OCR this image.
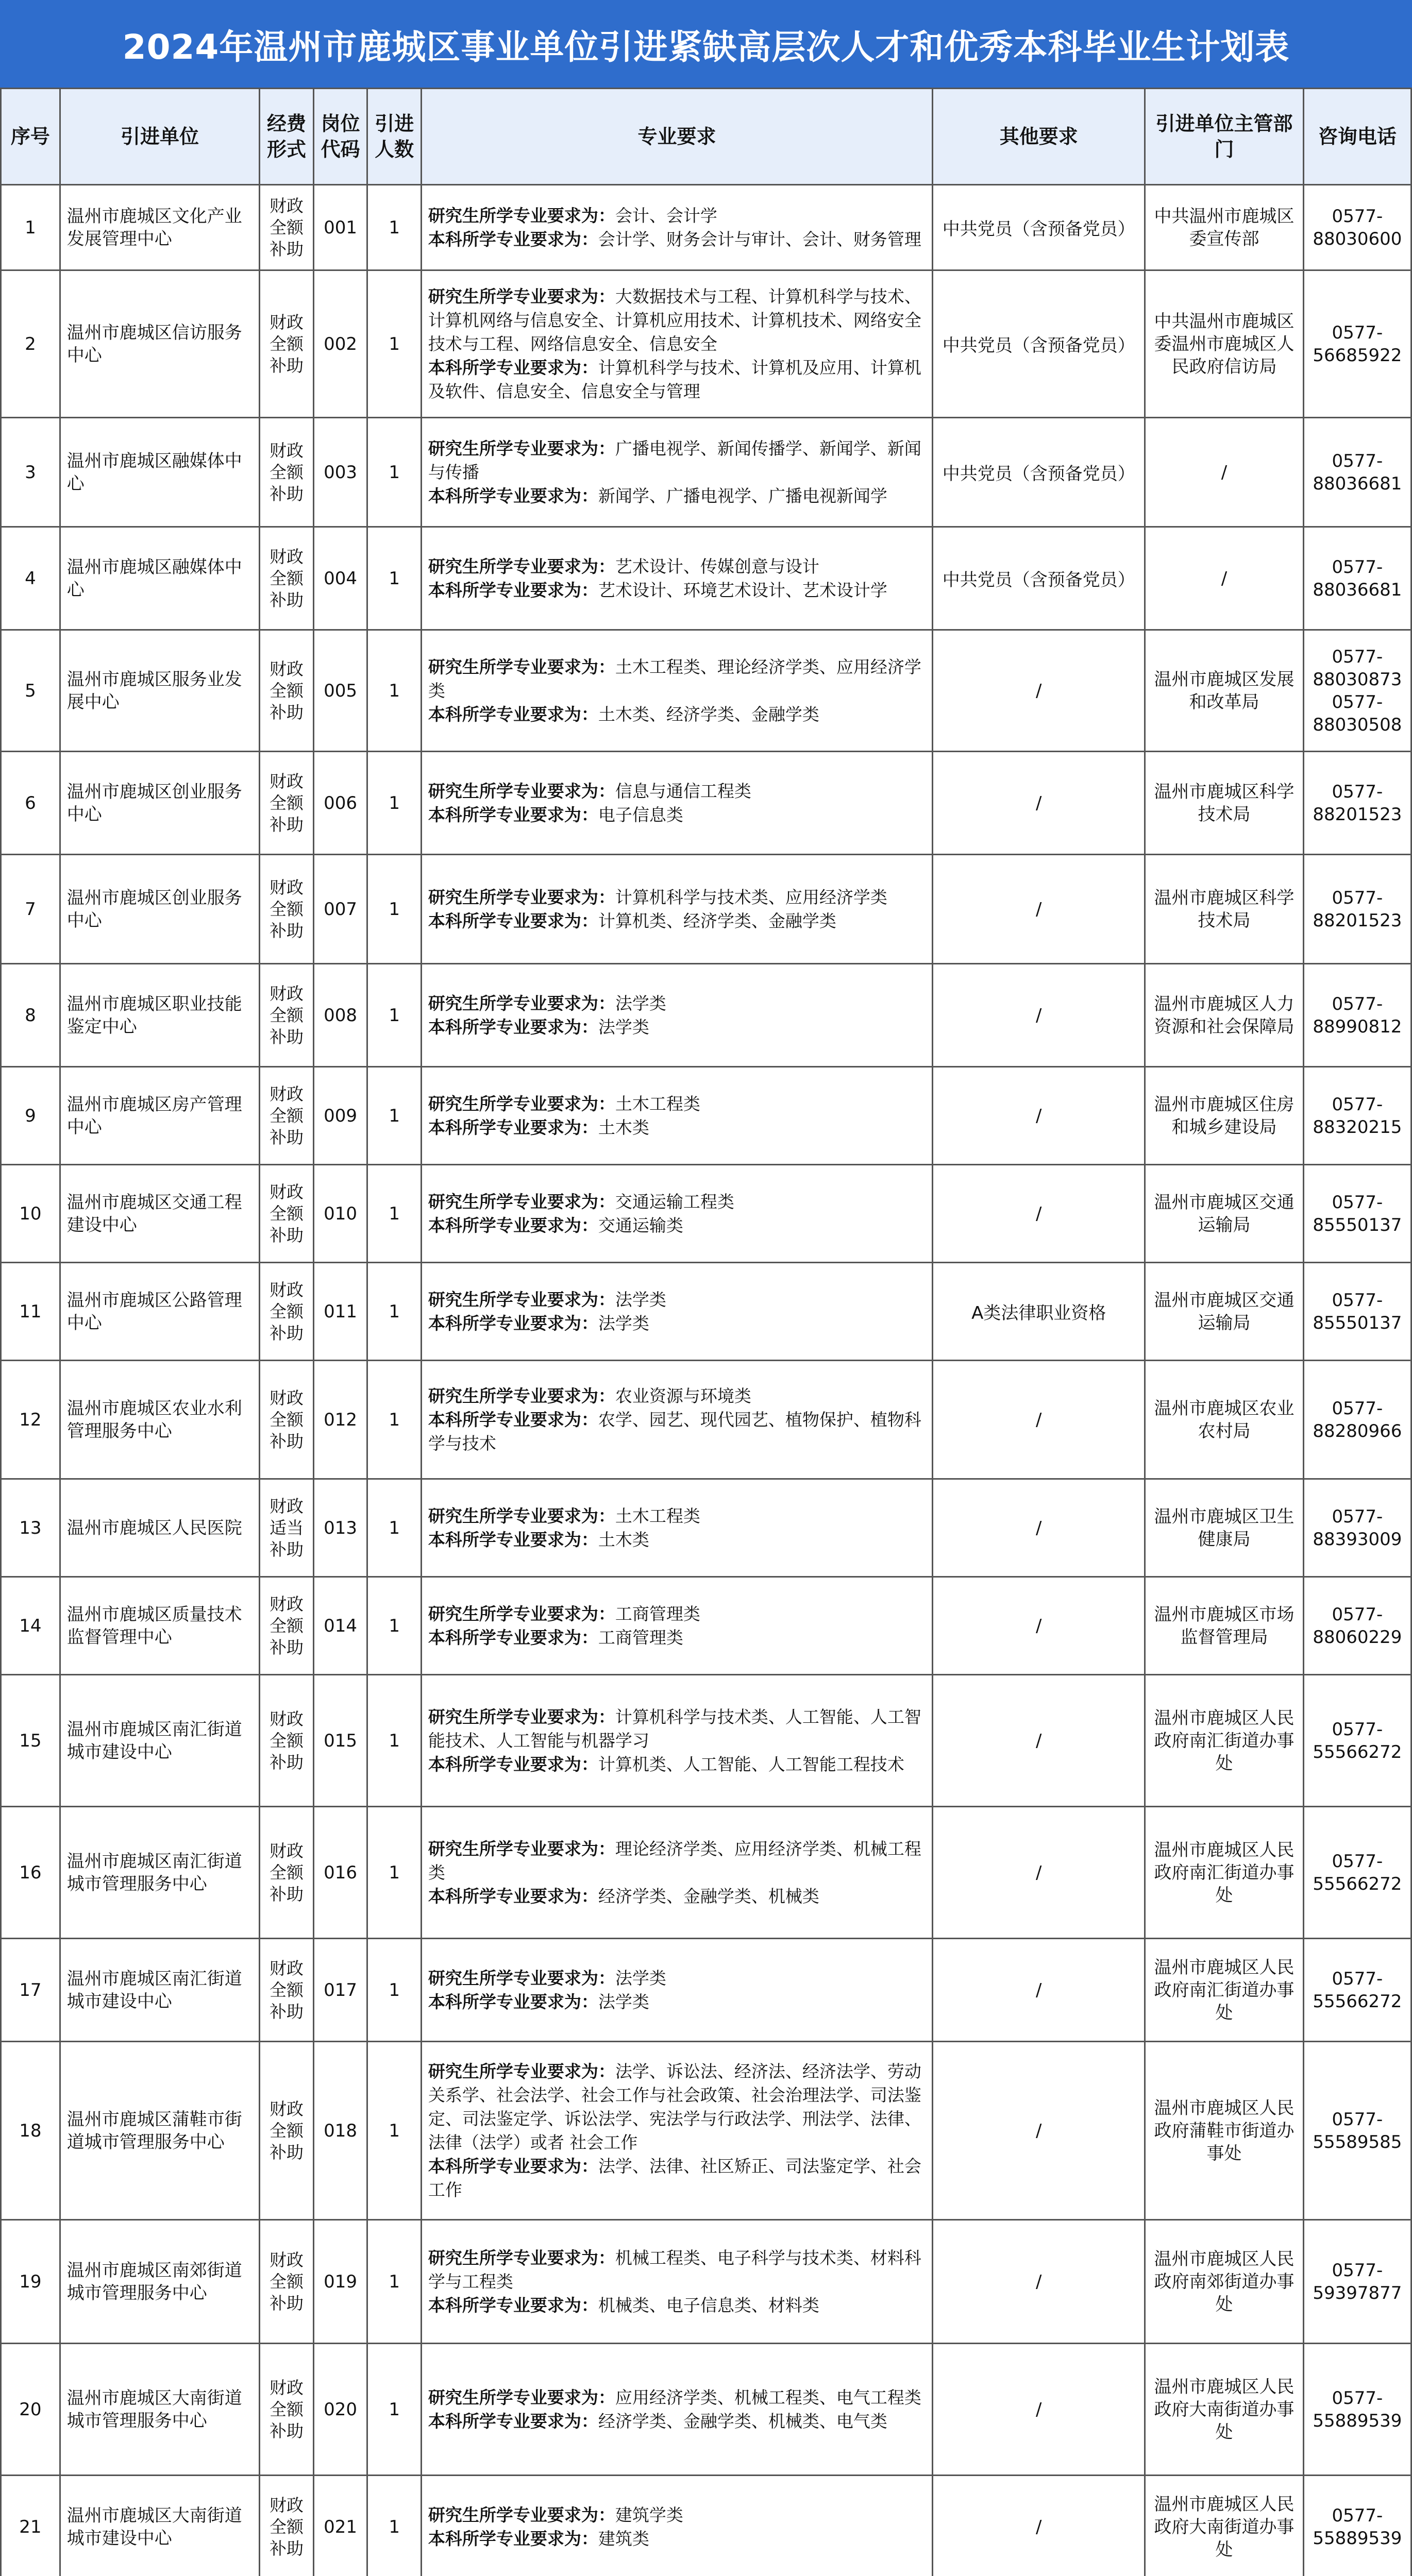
2024年温州市鹿城区事业单位引进紧缺高层次人才和优秀本科毕业生计划表
序号	引进单位	经费形式	岗位代码	引进人数	专业要求	其他要求	引进单位主管部门	咨询电话
1	温州市鹿城区文化产业发展管理中心	财政全额补助	001	1	研究生所学专业要求为：会计、会计学
本科所学专业要求为：会计学、财务会计与审计、会计、财务管理	中共党员（含预备党员）	中共温州市鹿城区委宣传部	0577-88030600
2	温州市鹿城区信访服务中心	财政全额补助	002	1	研究生所学专业要求为：大数据技术与工程、计算机科学与技术、计算机网络与信息安全、计算机应用技术、计算机技术、网络安全技术与工程、网络信息安全、信息安全
本科所学专业要求为：计算机科学与技术、计算机及应用、计算机及软件、信息安全、信息安全与管理	中共党员（含预备党员）	中共温州市鹿城区委温州市鹿城区人民政府信访局	0577-56685922
3	温州市鹿城区融媒体中心	财政全额补助	003	1	研究生所学专业要求为：广播电视学、新闻传播学、新闻学、新闻与传播
本科所学专业要求为：新闻学、广播电视学、广播电视新闻学	中共党员（含预备党员）	/	0577-88036681
4	温州市鹿城区融媒体中心	财政全额补助	004	1	研究生所学专业要求为：艺术设计、传媒创意与设计
本科所学专业要求为：艺术设计、环境艺术设计、艺术设计学	中共党员（含预备党员）	/	0577-88036681
5	温州市鹿城区服务业发展中心	财政全额补助	005	1	研究生所学专业要求为：土木工程类、理论经济学类、应用经济学类
本科所学专业要求为：土木类、经济学类、金融学类	/	温州市鹿城区发展和改革局	0577-88030873 0577-88030508
6	温州市鹿城区创业服务中心	财政全额补助	006	1	研究生所学专业要求为：信息与通信工程类
本科所学专业要求为：电子信息类	/	温州市鹿城区科学技术局	0577-88201523
7	温州市鹿城区创业服务中心	财政全额补助	007	1	研究生所学专业要求为：计算机科学与技术类、应用经济学类
本科所学专业要求为：计算机类、经济学类、金融学类	/	温州市鹿城区科学技术局	0577-88201523
8	温州市鹿城区职业技能鉴定中心	财政全额补助	008	1	研究生所学专业要求为：法学类
本科所学专业要求为：法学类	/	温州市鹿城区人力资源和社会保障局	0577-88990812
9	温州市鹿城区房产管理中心	财政全额补助	009	1	研究生所学专业要求为：土木工程类
本科所学专业要求为：土木类	/	温州市鹿城区住房和城乡建设局	0577-88320215
10	温州市鹿城区交通工程建设中心	财政全额补助	010	1	研究生所学专业要求为：交通运输工程类
本科所学专业要求为：交通运输类	/	温州市鹿城区交通运输局	0577-85550137
11	温州市鹿城区公路管理中心	财政全额补助	011	1	研究生所学专业要求为：法学类
本科所学专业要求为：法学类	A类法律职业资格	温州市鹿城区交通运输局	0577-85550137
12	温州市鹿城区农业水利管理服务中心	财政全额补助	012	1	研究生所学专业要求为：农业资源与环境类
本科所学专业要求为：农学、园艺、现代园艺、植物保护、植物科学与技术	/	温州市鹿城区农业农村局	0577-88280966
13	温州市鹿城区人民医院	财政适当补助	013	1	研究生所学专业要求为：土木工程类
本科所学专业要求为：土木类	/	温州市鹿城区卫生健康局	0577-88393009
14	温州市鹿城区质量技术监督管理中心	财政全额补助	014	1	研究生所学专业要求为：工商管理类
本科所学专业要求为：工商管理类	/	温州市鹿城区市场监督管理局	0577-88060229
15	温州市鹿城区南汇街道城市建设中心	财政全额补助	015	1	研究生所学专业要求为：计算机科学与技术类、人工智能、人工智能技术、人工智能与机器学习
本科所学专业要求为：计算机类、人工智能、人工智能工程技术	/	温州市鹿城区人民政府南汇街道办事处	0577-55566272
16	温州市鹿城区南汇街道城市管理服务中心	财政全额补助	016	1	研究生所学专业要求为：理论经济学类、应用经济学类、机械工程类
本科所学专业要求为：经济学类、金融学类、机械类	/	温州市鹿城区人民政府南汇街道办事处	0577-55566272
17	温州市鹿城区南汇街道城市建设中心	财政全额补助	017	1	研究生所学专业要求为：法学类
本科所学专业要求为：法学类	/	温州市鹿城区人民政府南汇街道办事处	0577-55566272
18	温州市鹿城区蒲鞋市街道城市管理服务中心	财政全额补助	018	1	研究生所学专业要求为：法学、诉讼法、经济法、经济法学、劳动关系学、社会法学、社会工作与社会政策、社会治理法学、司法鉴定、司法鉴定学、诉讼法学、宪法学与行政法学、刑法学、法律、法律（法学）或者 社会工作
本科所学专业要求为：法学、法律、社区矫正、司法鉴定学、社会工作	/	温州市鹿城区人民政府蒲鞋市街道办事处	0577-55589585
19	温州市鹿城区南郊街道城市管理服务中心	财政全额补助	019	1	研究生所学专业要求为：机械工程类、电子科学与技术类、材料科学与工程类
本科所学专业要求为：机械类、电子信息类、材料类	/	温州市鹿城区人民政府南郊街道办事处	0577-59397877
20	温州市鹿城区大南街道城市管理服务中心	财政全额补助	020	1	研究生所学专业要求为：应用经济学类、机械工程类、电气工程类
本科所学专业要求为：经济学类、金融学类、机械类、电气类	/	温州市鹿城区人民政府大南街道办事处	0577-55889539
21	温州市鹿城区大南街道城市建设中心	财政全额补助	021	1	研究生所学专业要求为：建筑学类
本科所学专业要求为：建筑类	/	温州市鹿城区人民政府大南街道办事处	0577-55889539
